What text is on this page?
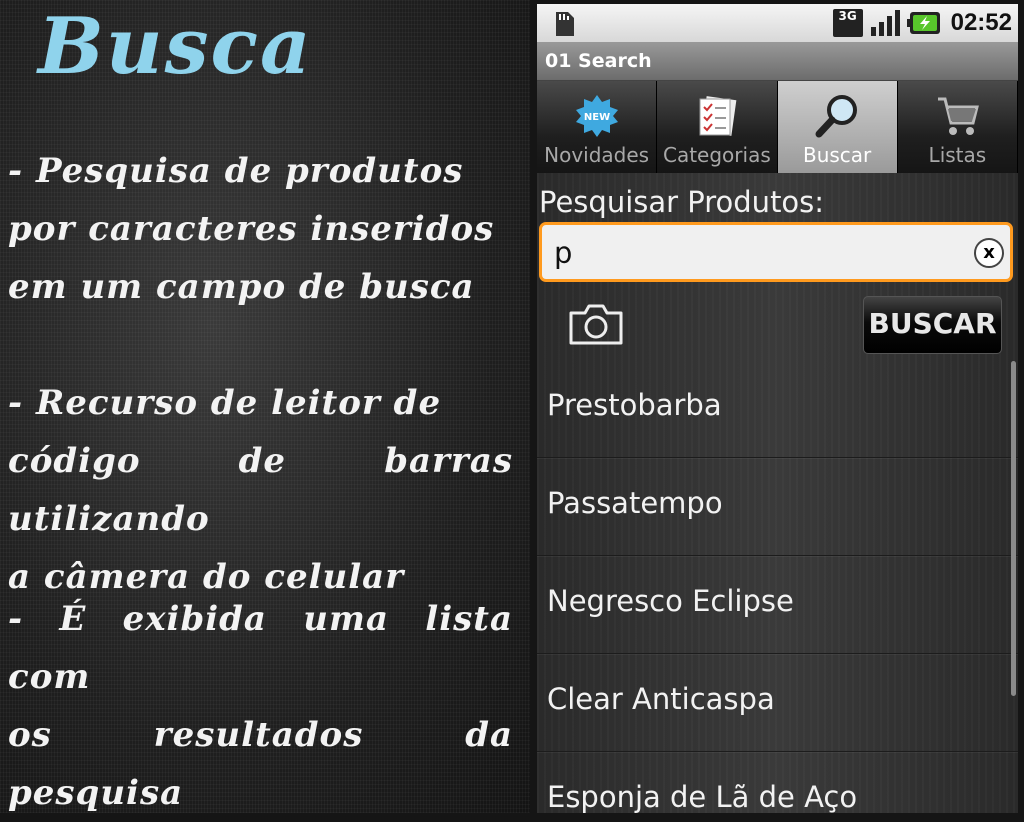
Busca
- Pesquisa de produtos
por caracteres inseridos
em um campo de busca
- Recurso de leitor de
código de barras utilizando
a câmera do celular
- É exibida uma lista com
os resultados da pesquisa
3G	02:52
01 Search
NEW
Novidades Categorias	Buscar	Listas
Pesquisar Produtos:
p
x
BUSCAR
Prestobarba
Passatempo
Negresco Eclipse
Clear Anticaspa
Esponja de Lã de Aço
